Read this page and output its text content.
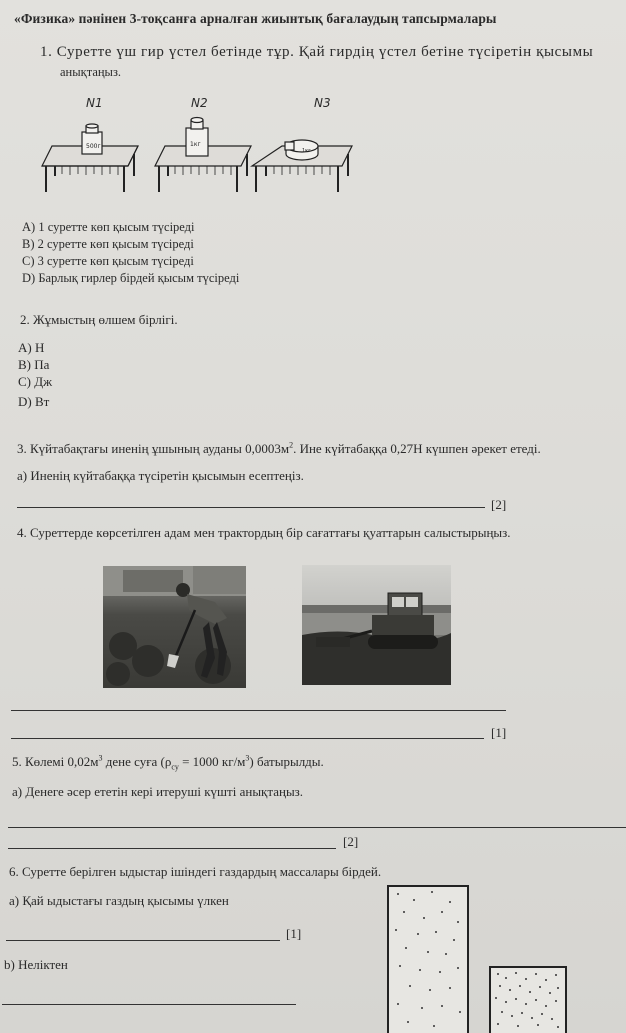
«Физика» пәнінен 3-тоқсанға арналған жиынтық бағалаудың тапсырмалары
1. Суретте үш гир үстел бетінде тұр. Қай гирдің үстел бетіне түсіретін қысымы
анықтаңыз.
N1	N2	N3
500г	1кг
1кг
A) 1 суретте көп қысым түсіреді
B) 2 суретте көп қысым түсіреді
C) 3 суретте көп қысым түсіреді
D) Барлық гирлер бірдей қысым түсіреді
2. Жұмыстың өлшем бірлігі.
А) Н
В) Па
С) Дж
D) Вт
3. Күйтабақтағы иненің ұшының ауданы $0,0003м^2$. Ине күйтабаққа 0,27Н күшпен әрекет етеді.
а) Иненің күйтабаққа түсіретін қысымын есептеңіз.
[2]
4. Суреттерде көрсетілген адам мен трактордың бір сағаттағы қуаттарын салыстырыңыз.
[1]
5. Көлемі $0,02м^3$ дене суға ($\rho_{су} = 1000$ $кг/м^3$) батырылды.
а) Денеге әсер ететін кері итеруші күшті анықтаңыз.
[2]
6. Суретте берілген ыдыстар ішіндегі газдардың массалары бірдей.
а) Қай ыдыстағы газдың қысымы үлкен
[1]
b) Неліктен
